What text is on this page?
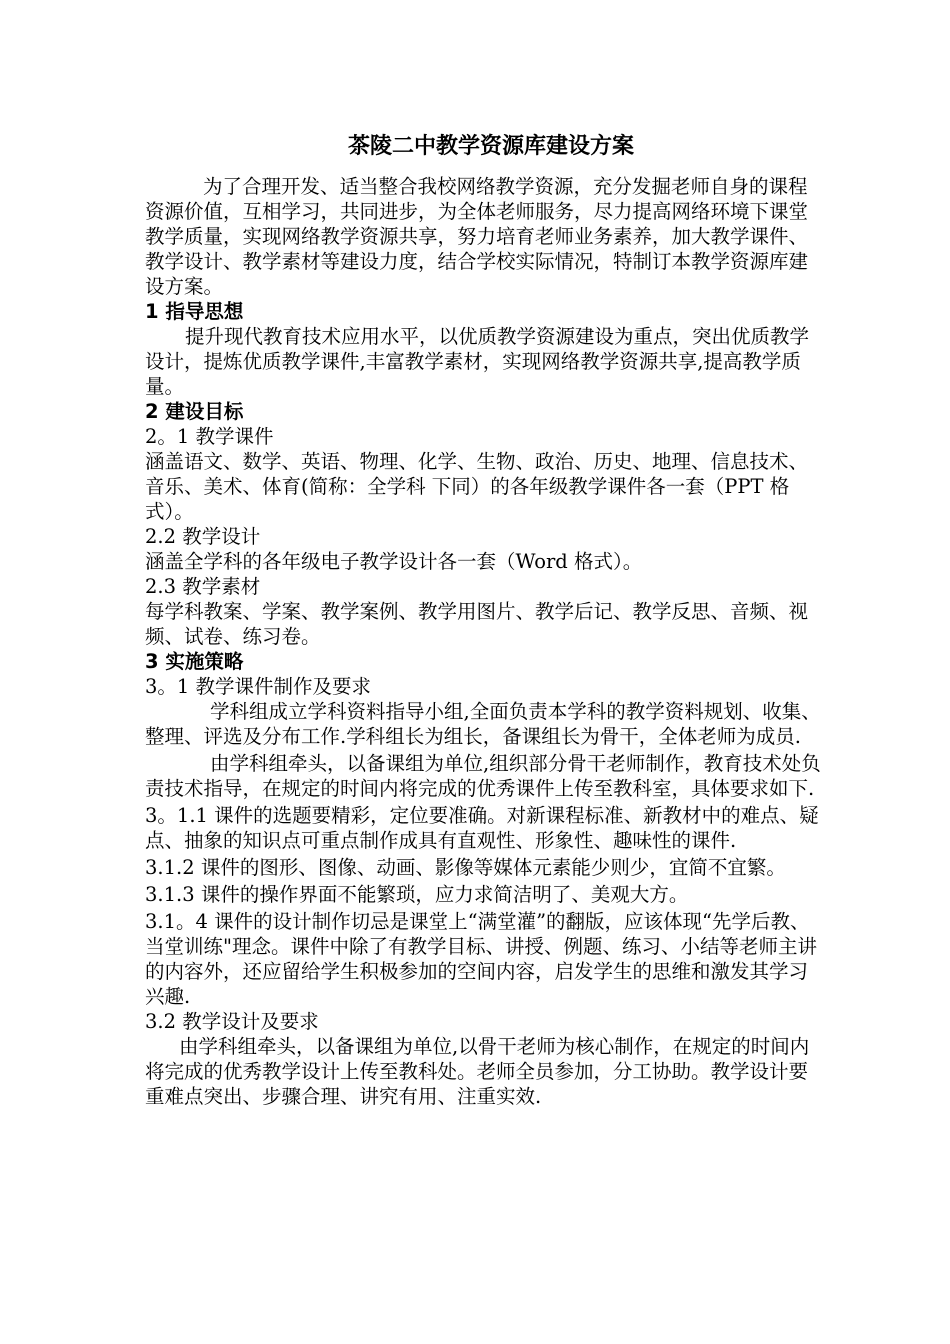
茶陵二中教学资源库建设方案

为了合理开发、适当整合我校网络教学资源，充分发掘老师自身的课程资源价值，互相学习，共同进步，为全体老师服务，尽力提高网络环境下课堂教学质量，实现网络教学资源共享，努力培育老师业务素养，加大教学课件、教学设计、教学素材等建设力度，结合学校实际情况，特制订本教学资源库建设方案。

1 指导思想

提升现代教育技术应用水平，以优质教学资源建设为重点，突出优质教学设计，提炼优质教学课件,丰富教学素材，实现网络教学资源共享,提高教学质量。

2 建设目标

2。1 教学课件

涵盖语文、数学、英语、物理、化学、生物、政治、历史、地理、信息技术、音乐、美术、体育(简称：全学科 下同）的各年级教学课件各一套（PPT 格式）。

2.2 教学设计

涵盖全学科的各年级电子教学设计各一套（Word 格式）。

2.3 教学素材

每学科教案、学案、教学案例、教学用图片、教学后记、教学反思、音频、视频、试卷、练习卷。

3 实施策略

3。1 教学课件制作及要求

学科组成立学科资料指导小组,全面负责本学科的教学资料规划、收集、整理、评选及分布工作.学科组长为组长，备课组长为骨干，全体老师为成员.

由学科组牵头，以备课组为单位,组织部分骨干老师制作，教育技术处负责技术指导，在规定的时间内将完成的优秀课件上传至教科室，具体要求如下.

3。1.1 课件的选题要精彩，定位要准确。对新课程标准、新教材中的难点、疑点、抽象的知识点可重点制作成具有直观性、形象性、趣味性的课件.

3.1.2 课件的图形、图像、动画、影像等媒体元素能少则少，宜简不宜繁。

3.1.3 课件的操作界面不能繁琐，应力求简洁明了、美观大方。

3.1。4 课件的设计制作切忌是课堂上“满堂灌”的翻版，应该体现“先学后教、当堂训练"理念。课件中除了有教学目标、讲授、例题、练习、小结等老师主讲的内容外，还应留给学生积极参加的空间内容，启发学生的思维和激发其学习兴趣.

3.2 教学设计及要求

由学科组牵头，以备课组为单位,以骨干老师为核心制作，在规定的时间内将完成的优秀教学设计上传至教科处。老师全员参加，分工协助。教学设计要重难点突出、步骤合理、讲究有用、注重实效.
